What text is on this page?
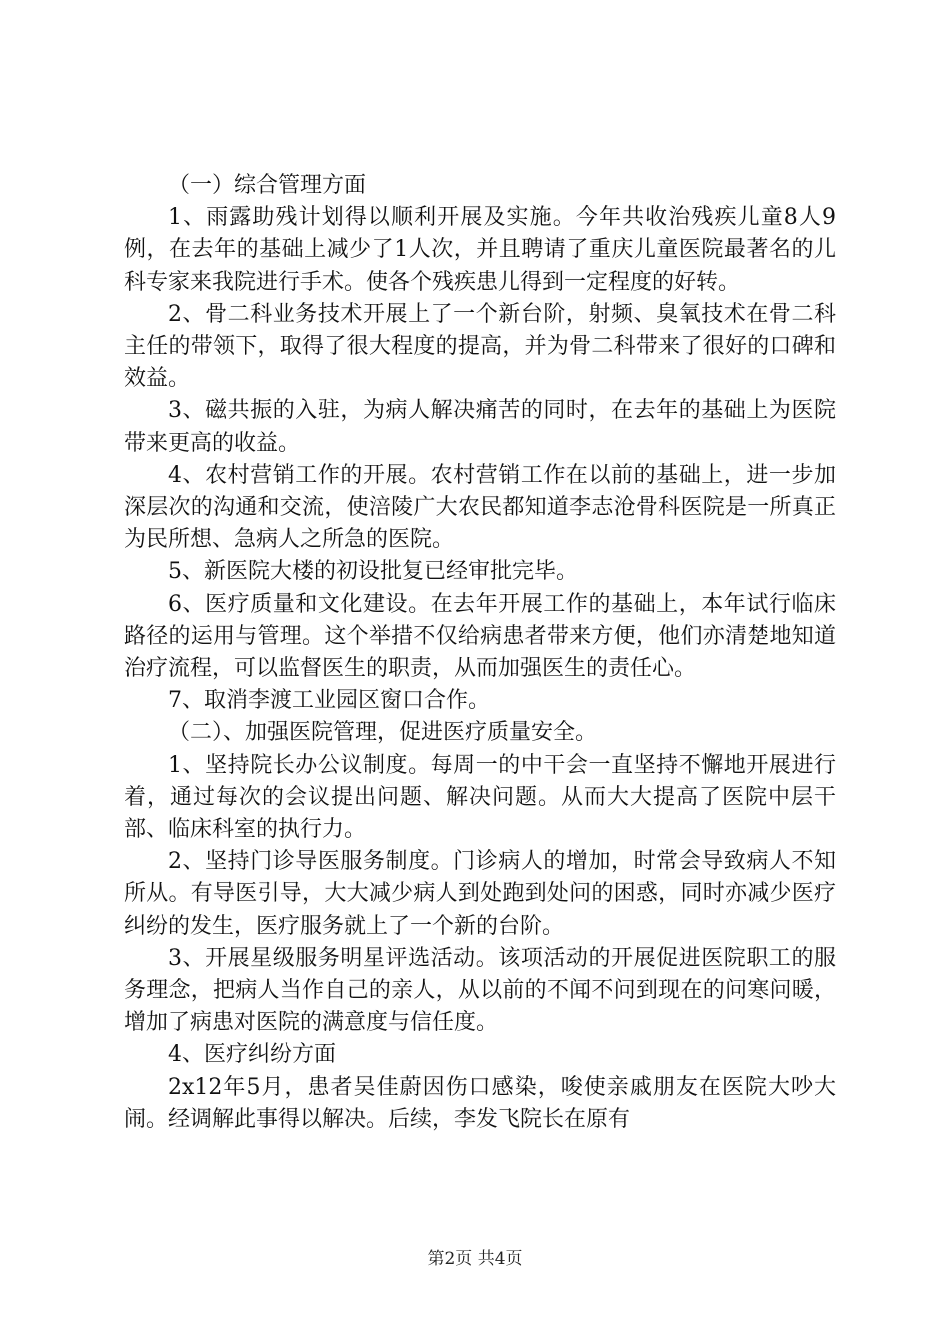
（一）综合管理方面

1、雨露助残计划得以顺利开展及实施。今年共收治残疾儿童8人9例，在去年的基础上减少了1人次，并且聘请了重庆儿童医院最著名的儿科专家来我院进行手术。使各个残疾患儿得到一定程度的好转。

2、骨二科业务技术开展上了一个新台阶，射频、臭氧技术在骨二科主任的带领下，取得了很大程度的提高，并为骨二科带来了很好的口碑和效益。

3、磁共振的入驻，为病人解决痛苦的同时，在去年的基础上为医院带来更高的收益。

4、农村营销工作的开展。农村营销工作在以前的基础上，进一步加深层次的沟通和交流，使涪陵广大农民都知道李志沧骨科医院是一所真正为民所想、急病人之所急的医院。

5、新医院大楼的初设批复已经审批完毕。

6、医疗质量和文化建设。在去年开展工作的基础上，本年试行临床路径的运用与管理。这个举措不仅给病患者带来方便，他们亦清楚地知道治疗流程，可以监督医生的职责，从而加强医生的责任心。

7、取消李渡工业园区窗口合作。

（二）、加强医院管理，促进医疗质量安全。

1、坚持院长办公议制度。每周一的中干会一直坚持不懈地开展进行着，通过每次的会议提出问题、解决问题。从而大大提高了医院中层干部、临床科室的执行力。

2、坚持门诊导医服务制度。门诊病人的增加，时常会导致病人不知所从。有导医引导，大大减少病人到处跑到处问的困惑，同时亦减少医疗纠纷的发生，医疗服务就上了一个新的台阶。

3、开展星级服务明星评选活动。该项活动的开展促进医院职工的服务理念，把病人当作自己的亲人，从以前的不闻不问到现在的问寒问暖，增加了病患对医院的满意度与信任度。

4、医疗纠纷方面

2x12年5月，患者吴佳蔚因伤口感染，唆使亲戚朋友在医院大吵大闹。经调解此事得以解决。后续，李发飞院长在原有

第2页 共4页
